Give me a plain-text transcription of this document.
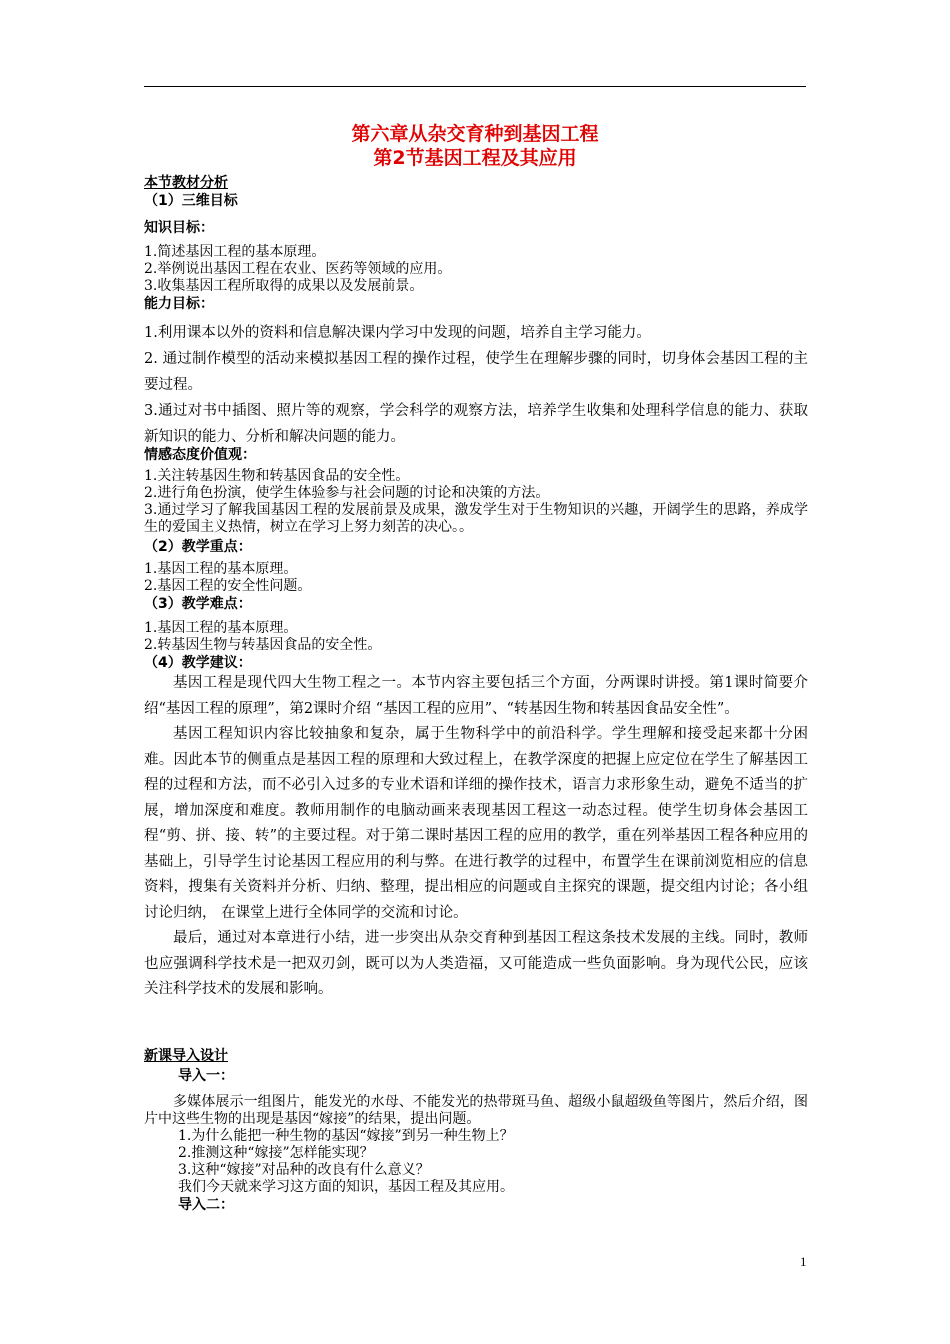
第六章从杂交育种到基因工程
第2节基因工程及其应用
本节教材分析
（1）三维目标
知识目标：
1.简述基因工程的基本原理。
2.举例说出基因工程在农业、医药等领域的应用。
3.收集基因工程所取得的成果以及发展前景。
能力目标：
1.利用课本以外的资料和信息解决课内学习中发现的问题，培养自主学习能力。
2. 通过制作模型的活动来模拟基因工程的操作过程，使学生在理解步骤的同时，切身体会基因工程的主要过程。
3.通过对书中插图、照片等的观察，学会科学的观察方法，培养学生收集和处理科学信息的能力、获取新知识的能力、分析和解决问题的能力。
情感态度价值观：
1.关注转基因生物和转基因食品的安全性。
2.进行角色扮演，使学生体验参与社会问题的讨论和决策的方法。
3.通过学习了解我国基因工程的发展前景及成果，激发学生对于生物知识的兴趣，开阔学生的思路，养成学生的爱国主义热情，树立在学习上努力刻苦的决心。。
（2）教学重点：
1.基因工程的基本原理。
2.基因工程的安全性问题。
（3）教学难点：
1.基因工程的基本原理。
2.转基因生物与转基因食品的安全性。
（4）教学建议：
基因工程是现代四大生物工程之一。本节内容主要包括三个方面，分两课时讲授。第1课时简要介绍“基因工程的原理”，第2课时介绍 “基因工程的应用”、“转基因生物和转基因食品安全性”。
基因工程知识内容比较抽象和复杂，属于生物科学中的前沿科学。学生理解和接受起来都十分困难。因此本节的侧重点是基因工程的原理和大致过程上，在教学深度的把握上应定位在学生了解基因工程的过程和方法，而不必引入过多的专业术语和详细的操作技术，语言力求形象生动，避免不适当的扩展，增加深度和难度。教师用制作的电脑动画来表现基因工程这一动态过程。使学生切身体会基因工程“剪、拼、接、转”的主要过程。对于第二课时基因工程的应用的教学，重在列举基因工程各种应用的基础上，引导学生讨论基因工程应用的利与弊。在进行教学的过程中，布置学生在课前浏览相应的信息资料，搜集有关资料并分析、归纳、整理，提出相应的问题或自主探究的课题，提交组内讨论；各小组讨论归纳， 在课堂上进行全体同学的交流和讨论。
最后，通过对本章进行小结，进一步突出从杂交育种到基因工程这条技术发展的主线。同时，教师也应强调科学技术是一把双刃剑，既可以为人类造福，又可能造成一些负面影响。身为现代公民，应该关注科学技术的发展和影响。
新课导入设计
导入一：
多媒体展示一组图片，能发光的水母、不能发光的热带斑马鱼、超级小鼠超级鱼等图片，然后介绍，图片中这些生物的出现是基因“嫁接”的结果，提出问题。
1.为什么能把一种生物的基因“嫁接”到另一种生物上？
2.推测这种“嫁接”怎样能实现？
3.这种“嫁接”对品种的改良有什么意义？
我们今天就来学习这方面的知识，基因工程及其应用。
导入二：
1
